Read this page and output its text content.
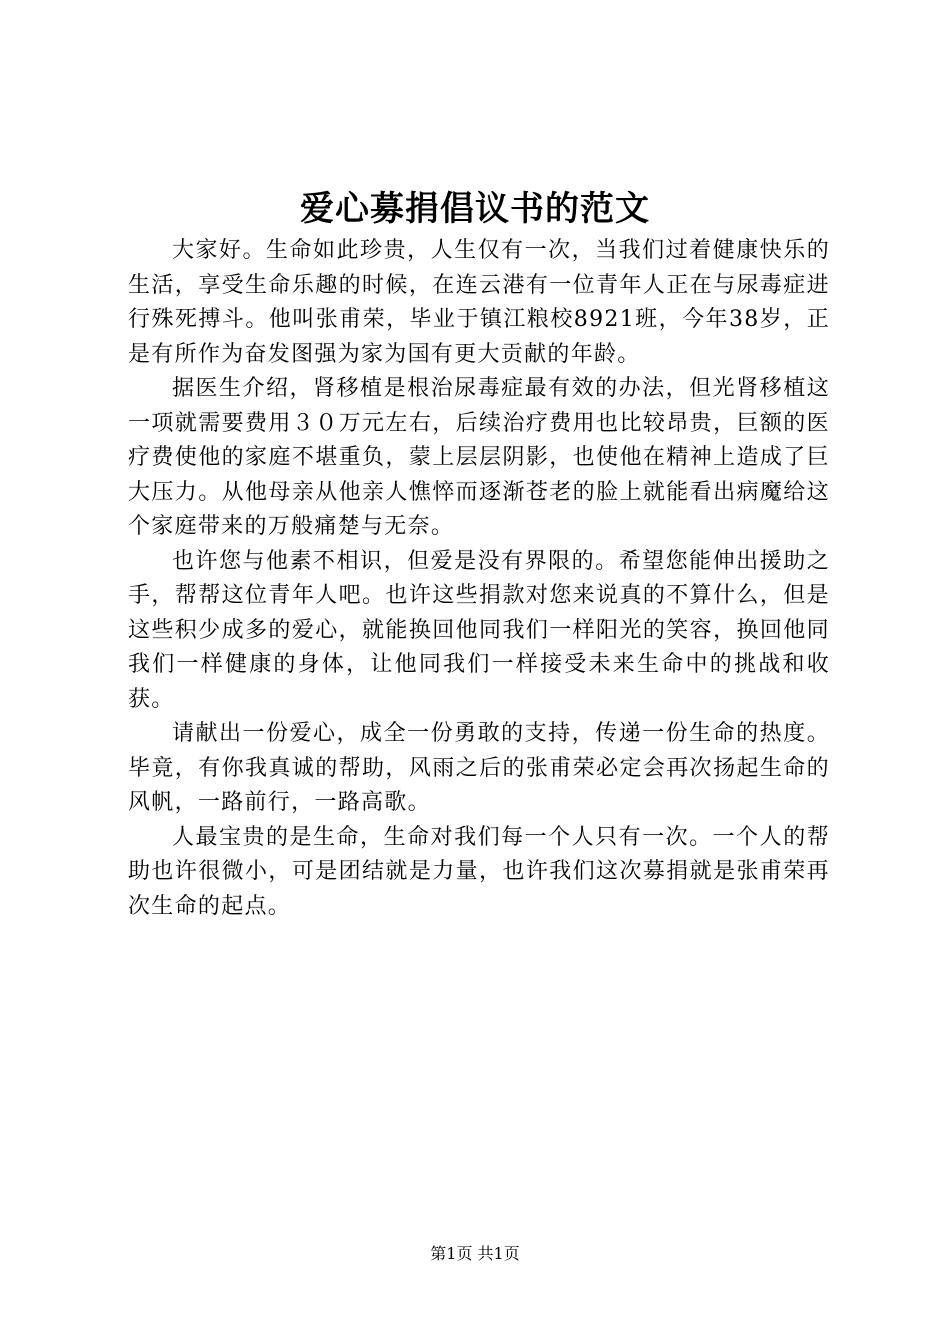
爱心募捐倡议书的范文

大家好。生命如此珍贵，人生仅有一次，当我们过着健康快乐的生活，享受生命乐趣的时候，在连云港有一位青年人正在与尿毒症进行殊死搏斗。他叫张甫荣，毕业于镇江粮校8921班，今年38岁，正是有所作为奋发图强为家为国有更大贡献的年龄。

据医生介绍，肾移植是根治尿毒症最有效的办法，但光肾移植这一项就需要费用３０万元左右，后续治疗费用也比较昂贵，巨额的医疗费使他的家庭不堪重负，蒙上层层阴影，也使他在精神上造成了巨大压力。从他母亲从他亲人憔悴而逐渐苍老的脸上就能看出病魔给这个家庭带来的万般痛楚与无奈。

也许您与他素不相识，但爱是没有界限的。希望您能伸出援助之手，帮帮这位青年人吧。也许这些捐款对您来说真的不算什么，但是这些积少成多的爱心，就能换回他同我们一样阳光的笑容，换回他同我们一样健康的身体，让他同我们一样接受未来生命中的挑战和收获。

请献出一份爱心，成全一份勇敢的支持，传递一份生命的热度。毕竟，有你我真诚的帮助，风雨之后的张甫荣必定会再次扬起生命的风帆，一路前行，一路高歌。

人最宝贵的是生命，生命对我们每一个人只有一次。一个人的帮助也许很微小，可是团结就是力量，也许我们这次募捐就是张甫荣再次生命的起点。

第1页 共1页
